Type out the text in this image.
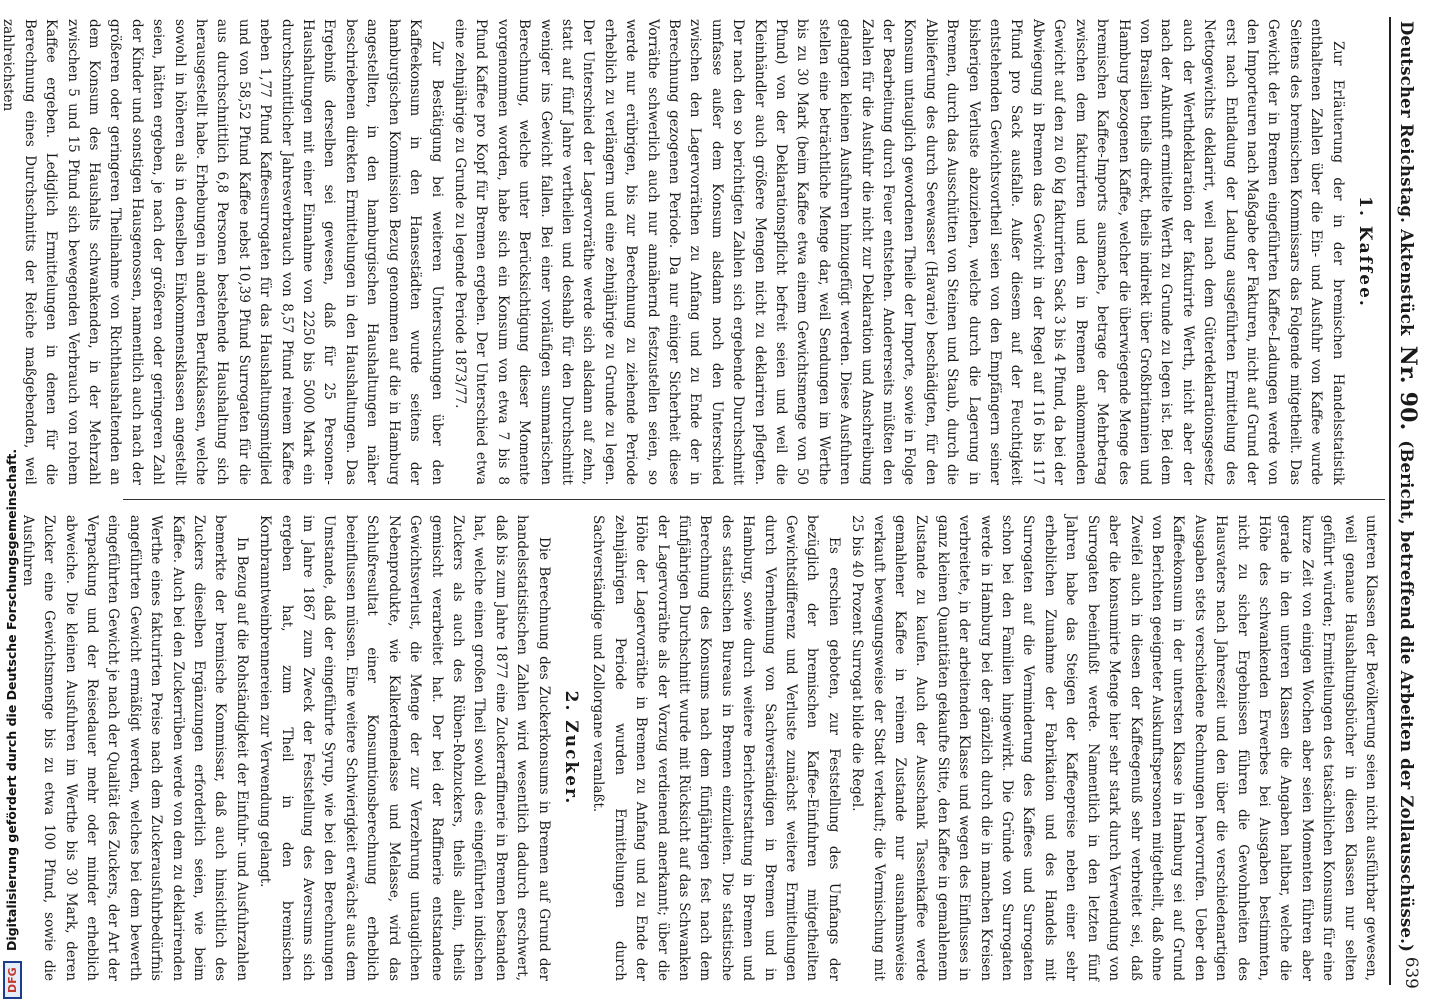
Deutscher Reichstag. Aktenstück Nr. 90. (Bericht, betreffend die Arbeiten der Zollausschüsse.)
639
1. Kaffee.

Zur Erläuterung der in der bremischen Handelsstatistik enthaltenen Zahlen über die Ein- und Ausfuhr von Kaffee wurde Seitens des bremischen Kommissars das Folgende mitgetheilt. Das Gewicht der in Bremen eingeführten Kaffee-Ladungen werde von den Importeuren nach Maßgabe der Fakturen, nicht auf Grund der erst nach Entladung der Ladung ausgeführten Ermittelung des Nettogewichts deklarirt, weil nach dem Güterdeklarationsgesetz auch der Werthdeklaration der fakturirte Werth, nicht aber der nach der Ankunft ermittelte Werth zu Grunde zu legen ist. Bei dem von Brasilien theils direkt, theils indirekt über Großbritannien und Hamburg bezogenen Kaffee, welcher die überwiegende Menge des bremischen Kaffee-Imports ausmache, betrage der Mehrbetrag zwischen dem fakturirten und dem in Bremen ankommenden Gewicht auf den zu 60 kg fakturirten Sack 3 bis 4 Pfund, da bei der Abwiegung in Bremen das Gewicht in der Regel auf 116 bis 117 Pfund pro Sack ausfalle. Außer diesem auf der Feuchtigkeit entstehenden Gewichtsvortheil seien von den Empfängern seiner bisherigen Verluste abzuziehen, welche durch die Lagerung in Bremen, durch das Ausschütten von Steinen und Staub, durch die Ablieferung des durch Seewasser (Havarie) beschädigten, für den Konsum untauglich gewordenen Theile der Importe, sowie in Folge der Bearbeitung durch Feuer entstehen. Andererseits müßten den Zahlen für die Ausfuhr die nicht zur Deklaration und Anschreibung gelangten kleinen Ausfuhren hinzugefügt werden. Diese Ausfuhren stellen eine beträchtliche Menge dar, weil Sendungen im Werthe bis zu 30 Mark (beim Kaffee etwa einem Gewichtsmenge von 50 Pfund) von der Deklarationspflicht befreit seien und weil die Kleinhändler auch größere Mengen nicht zu deklariren pflegten. Der nach den so berichtigten Zahlen sich ergebende Durchschnitt umfasse außer dem Konsum alsdann noch den Unterschied zwischen den Lagervorräthen zu Anfang und zu Ende der in Berechnung gezogenen Periode. Da nur einiger Sicherheit diese Vorräthe schwerlich auch nur annähernd festzustellen seien, so werde nur erübrigen, bis zur Berechnung zu ziehende Periode erheblich zu verlängern und eine zehnjährige zu Grunde zu legen. Der Unterschied der Lagervorräthe werde sich alsdann auf zehn, statt auf fünf Jahre vertheilen und deshalb für den Durchschnitt weniger ins Gewicht fallen. Bei einer vorläufigen summarischen Berechnung, welche unter Berücksichtigung dieser Momente vorgenommen worden, habe sich ein Konsum von etwa 7 bis 8 Pfund Kaffee pro Kopf für Bremen ergeben. Der Unterschied etwa eine zehnjährige zu Grunde zu legende Periode 1873/77.

Zur Bestätigung bei weiteren Untersuchungen über den Kaffeekonsum in den Hansestädten wurde seitens der hamburgischen Kommission Bezug genommen auf die in Hamburg angestellten, in den hamburgischen Haushaltungen näher beschriebenen direkten Ermittelungen in den Haushaltungen. Das Ergebniß derselben sei gewesen, daß für 25 Personen-Haushaltungen mit einer Einnahme von 2250 bis 5000 Mark ein durchschnittlicher Jahresverbrauch von 8,57 Pfund reinem Kaffee neben 1,77 Pfund Kaffeesurrogaten für das Haushaltungsmitglied und von 58,52 Pfund Kaffee nebst 10,39 Pfund Surrogaten für die aus durchschnittlich 6,8 Personen bestehende Haushaltung sich herausgestellt habe. Erhebungen in anderen Berufsklassen, welche sowohl in höheren als in denselben Einkommensklassen angestellt seien, hätten ergeben, je nach der größeren oder geringeren Zahl der Kinder und sonstigen Hausgenossen, namentlich auch nach der größeren oder geringeren Theilnahme von Richthaushaltenden an dem Konsum des Haushalts schwankenden, in der Mehrzahl zwischen 5 und 15 Pfund sich bewegenden Verbrauch von rohem Kaffee ergeben. Lediglich Ermittelungen in denen für die Berechnung eines Durchschnitts der Reiche maßgebenden, weil zahlreichsten

unteren Klassen der Bevölkerung seien nicht ausführbar gewesen, weil genaue Haushaltungsbücher in diesen Klassen nur selten geführt würden; Ermittelungen des tatsächlichen Konsums für eine kurze Zeit von einigen Wochen aber seien Momenten führen aber gerade in den unteren Klassen die Angaben haltbar, welche die Höhe des schwankenden Erwerbes bei Ausgaben bestimmten, nicht zu sicher Ergebnissen führen die Gewohnheiten des Hausvaters nach Jahreszeit und den über die verschiedenartigen Ausgaben stets verschiedene Rechnungen hervorrufen. Ueber den Kaffeekonsum in der untersten Klasse in Hamburg sei auf Grund von Berichten geeigneter Auskunftspersonen mitgetheilt, daß ohne Zweifel auch in diesen der Kaffeegenuß sehr verbreitet sei, daß aber die konsumirte Menge hier sehr stark durch Verwendung von Surrogaten beeinflußt werde. Namentlich in den letzten fünf Jahren habe das Steigen der Kaffeepreise neben einer sehr erheblichen Zunahme der Fabrikation und des Handels mit Surrogaten auf die Verminderung des Kaffees und Surrogaten schon bei den Familien hingewirkt. Die Gründe von Surrogaten werde in Hamburg bei der gänzlich durch die in manchen Kreisen verbreitete, in der arbeitenden Klasse und wegen des Einflusses in ganz kleinen Quantitäten gekaufte Sitte, den Kaffee in gemahlenem Zustande zu kaufen. Auch der Ausschank Tassenkaffee werde gemahlener Kaffee in reinem Zustande nur ausnahmsweise verkauft bewegungsweise der Stadt verkauft; die Vermischung mit 25 bis 40 Prozent Surrogat bilde die Regel.

Es erschien geboten, zur Feststellung des Umfangs der bezüglich der bremischen Kaffee-Einfuhren mitgetheilten Gewichtsdifferenz und Verluste zunächst weitere Ermittelungen durch Vernehmung von Sachverständigen in Bremen und in Hamburg, sowie durch weitere Berichterstattung in Bremen und des statistischen Bureaus in Bremen einzuleiten. Die statistische Berechnung des Konsums nach dem fünfjährigen fest nach dem fünfjährigen Durchschnitt wurde mit Rücksicht auf das Schwanken der Lagervorräthe als der Vorzug verdienend anerkannt; über die Höhe der Lagervorräthe in Bremen zu Anfang und zu Ende der zehnjährigen Periode wurden Ermittelungen durch Sachverständige und Zollorgane veranlaßt.

2. Zucker.

Die Berechnung des Zuckerkonsums in Bremen auf Grund der handelsstatistischen Zahlen wird wesentlich dadurch erschwert, daß bis zum Jahre 1877 eine Zuckerraffinerie in Bremen bestanden hat, welche einen großen Theil sowohl des eingeführten indischen Zuckers als auch des Rüben-Rohzuckers, theils allein, theils gemischt verarbeitet hat. Der bei der Raffinerie entstandene Gewichtsverlust, die Menge der zur Verzehrung untauglichen Nebenprodukte, wie Kalkerdemelasse und Melasse, wird das Schlußresultat einer Konsumtionsberechnung erheblich beeinflussen müssen. Eine weitere Schwierigkeit erwächst aus dem Umstande, daß der eingeführte Syrup, wie bei den Berechnungen im Jahre 1867 zum Zweck der Feststellung des Aversums sich ergeben hat, zum Theil in den bremischen Kornbranntweinbrennereien zur Verwendung gelangt.

In Bezug auf die Rohständigkeit der Einfuhr- und Ausfuhrzahlen bemerkte der bremische Kommissar, daß auch hinsichtlich des Zuckers dieselben Ergänzungen erforderlich seien, wie beim Kaffee. Auch bei den Zuckerrüben werde von dem zu deklarirenden Werthe eines fakturirten Preise nach dem Zuckerausfuhrbedürfnis angeführten Gewicht ermäßigt werden, welches bei dem bewerth eingeführten Gewicht je nach der Qualität des Zuckers, der Art der Verpackung und der Reisedauer mehr oder minder erheblich abweiche. Die kleinen Ausfuhren im Werthe bis 30 Mark, deren Zucker eine Gewichtsmenge bis zu etwa 100 Pfund, sowie die Ausfuhren

DFG Digitalisierung gefördert durch die Deutsche Forschungsgemeinschaft.
